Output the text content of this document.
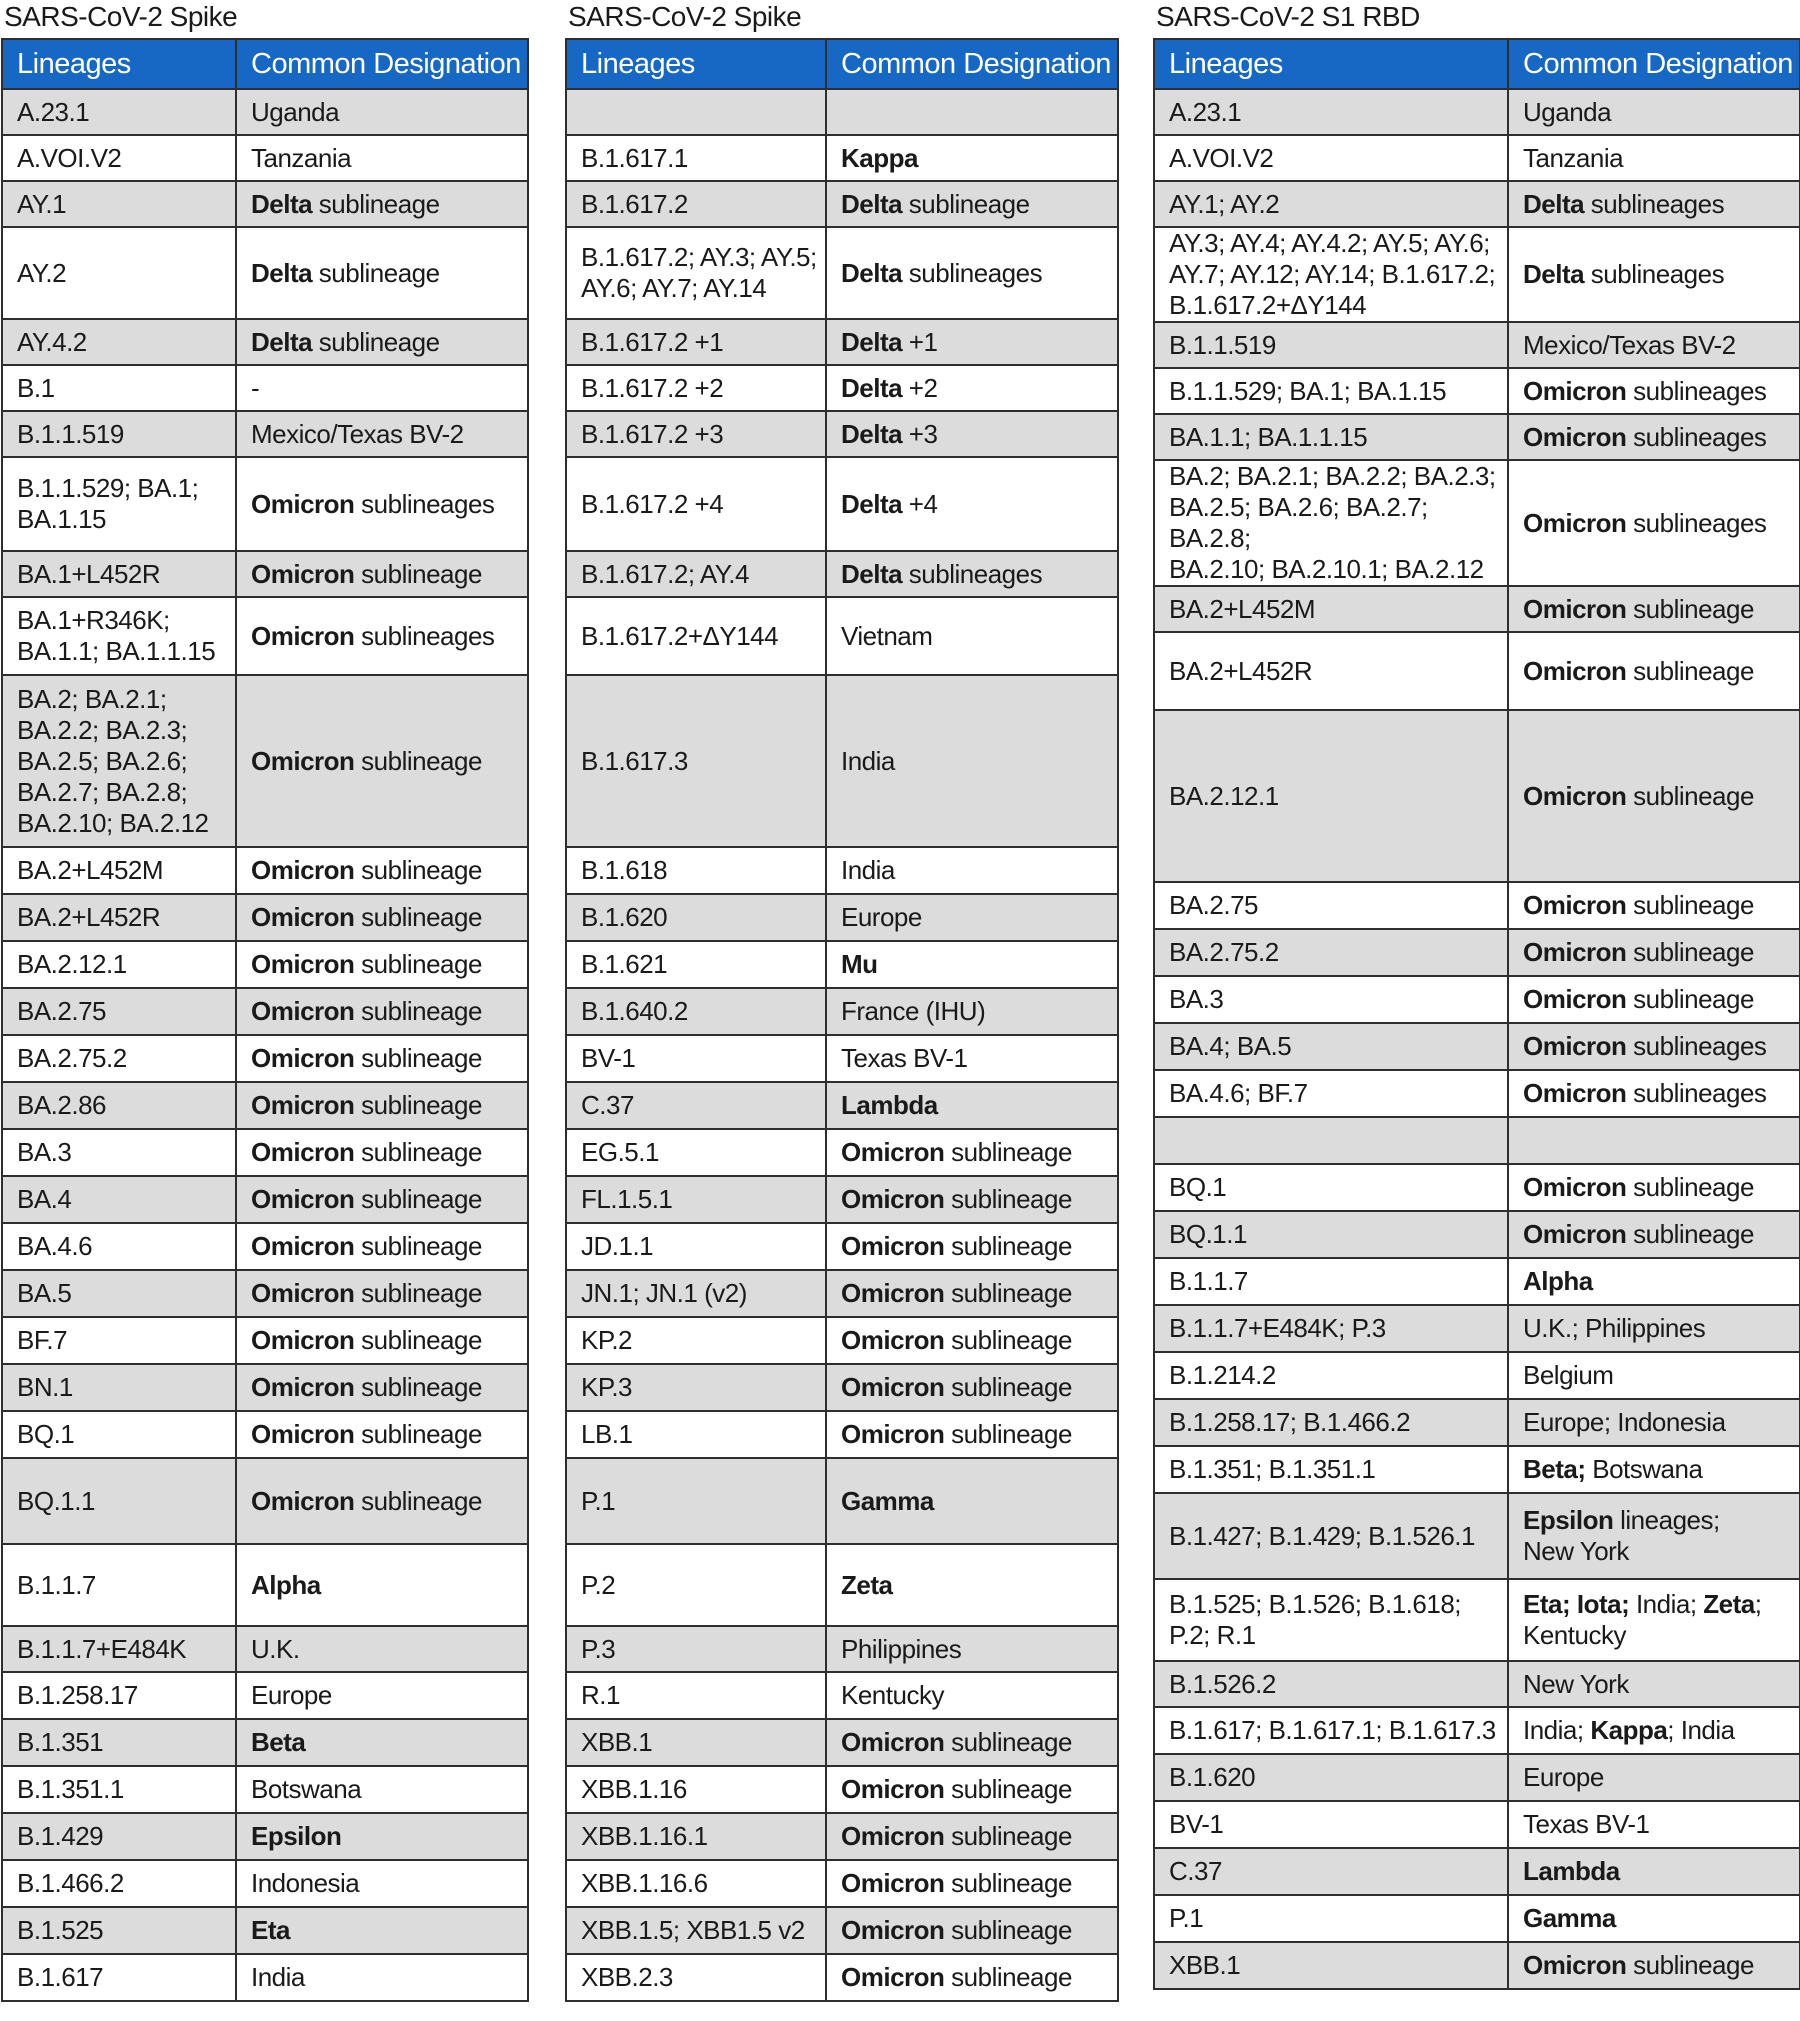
SARS-CoV-2 Spike
Lineages	Common Designation
A.23.1	Uganda
A.VOI.V2	Tanzania
AY.1	Delta sublineage
AY.2	Delta sublineage
AY.4.2	Delta sublineage
B.1	-
B.1.1.519	Mexico/Texas BV-2
B.1.1.529; BA.1;
BA.1.15	Omicron sublineages
BA.1+L452R	Omicron sublineage
BA.1+R346K;
BA.1.1; BA.1.1.15	Omicron sublineages
BA.2; BA.2.1;
BA.2.2; BA.2.3;
BA.2.5; BA.2.6;
BA.2.7; BA.2.8;
BA.2.10; BA.2.12	Omicron sublineage
BA.2+L452M	Omicron sublineage
BA.2+L452R	Omicron sublineage
BA.2.12.1	Omicron sublineage
BA.2.75	Omicron sublineage
BA.2.75.2	Omicron sublineage
BA.2.86	Omicron sublineage
BA.3	Omicron sublineage
BA.4	Omicron sublineage
BA.4.6	Omicron sublineage
BA.5	Omicron sublineage
BF.7	Omicron sublineage
BN.1	Omicron sublineage
BQ.1	Omicron sublineage
BQ.1.1	Omicron sublineage
B.1.1.7	Alpha
B.1.1.7+E484K	U.K.
B.1.258.17	Europe
B.1.351	Beta
B.1.351.1	Botswana
B.1.429	Epsilon
B.1.466.2	Indonesia
B.1.525	Eta
B.1.617	India
SARS-CoV-2 Spike
Lineages	Common Designation

B.1.617.1	Kappa
B.1.617.2	Delta sublineage
B.1.617.2; AY.3; AY.5;
AY.6; AY.7; AY.14	Delta sublineages
B.1.617.2 +1	Delta +1
B.1.617.2 +2	Delta +2
B.1.617.2 +3	Delta +3
B.1.617.2 +4	Delta +4
B.1.617.2; AY.4	Delta sublineages
B.1.617.2+ΔY144	Vietnam
B.1.617.3	India
B.1.618	India
B.1.620	Europe
B.1.621	Mu
B.1.640.2	France (IHU)
BV-1	Texas BV-1
C.37	Lambda
EG.5.1	Omicron sublineage
FL.1.5.1	Omicron sublineage
JD.1.1	Omicron sublineage
JN.1; JN.1 (v2)	Omicron sublineage
KP.2	Omicron sublineage
KP.3	Omicron sublineage
LB.1	Omicron sublineage
P.1	Gamma
P.2	Zeta
P.3	Philippines
R.1	Kentucky
XBB.1	Omicron sublineage
XBB.1.16	Omicron sublineage
XBB.1.16.1	Omicron sublineage
XBB.1.16.6	Omicron sublineage
XBB.1.5; XBB1.5 v2	Omicron sublineage
XBB.2.3	Omicron sublineage
SARS-CoV-2 S1 RBD
Lineages	Common Designation
A.23.1	Uganda
A.VOI.V2	Tanzania
AY.1; AY.2	Delta sublineages
AY.3; AY.4; AY.4.2; AY.5; AY.6;
AY.7; AY.12; AY.14; B.1.617.2;
B.1.617.2+ΔY144	Delta sublineages
B.1.1.519	Mexico/Texas BV-2
B.1.1.529; BA.1; BA.1.15	Omicron sublineages
BA.1.1; BA.1.1.15	Omicron sublineages
BA.2; BA.2.1; BA.2.2; BA.2.3;
BA.2.5; BA.2.6; BA.2.7; BA.2.8;
BA.2.10; BA.2.10.1; BA.2.12	Omicron sublineages
BA.2+L452M	Omicron sublineage
BA.2+L452R	Omicron sublineage
BA.2.12.1	Omicron sublineage
BA.2.75	Omicron sublineage
BA.2.75.2	Omicron sublineage
BA.3	Omicron sublineage
BA.4; BA.5	Omicron sublineages
BA.4.6; BF.7	Omicron sublineages

BQ.1	Omicron sublineage
BQ.1.1	Omicron sublineage
B.1.1.7	Alpha
B.1.1.7+E484K; P.3	U.K.; Philippines
B.1.214.2	Belgium
B.1.258.17; B.1.466.2	Europe; Indonesia
B.1.351; B.1.351.1	Beta; Botswana
B.1.427; B.1.429; B.1.526.1	Epsilon lineages;
New York
B.1.525; B.1.526; B.1.618;
P.2; R.1	Eta; Iota; India; Zeta;
Kentucky
B.1.526.2	New York
B.1.617; B.1.617.1; B.1.617.3	India; Kappa; India
B.1.620	Europe
BV-1	Texas BV-1
C.37	Lambda
P.1	Gamma
XBB.1	Omicron sublineage
